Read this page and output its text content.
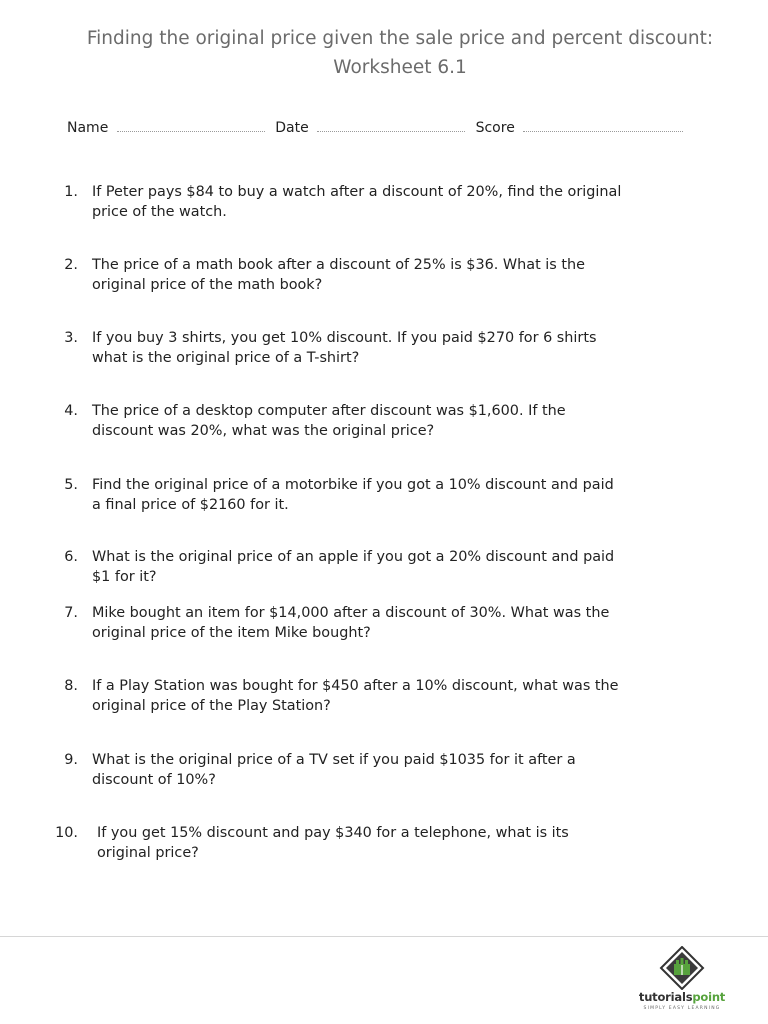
Finding the original price given the sale price and percent discount:
Worksheet 6.1
Name	Date	Score
1. If Peter pays $84 to buy a watch after a discount of 20%, find the original
price of the watch.
2. The price of a math book after a discount of 25% is $36. What is the
original price of the math book?
3. If you buy 3 shirts, you get 10% discount. If you paid $270 for 6 shirts
what is the original price of a T-shirt?
4. The price of a desktop computer after discount was $1,600. If the
discount was 20%, what was the original price?
5. Find the original price of a motorbike if you got a 10% discount and paid
a final price of $2160 for it.
6. What is the original price of an apple if you got a 20% discount and paid
$1 for it?
7. Mike bought an item for $14,000 after a discount of 30%. What was the
original price of the item Mike bought?
8. If a Play Station was bought for $450 after a 10% discount, what was the
original price of the Play Station?
9. What is the original price of a TV set if you paid $1035 for it after a
discount of 10%?
10. If you get 15% discount and pay $340 for a telephone, what is its
original price?
tutorialspoint
SIMPLY EASY LEARNING
